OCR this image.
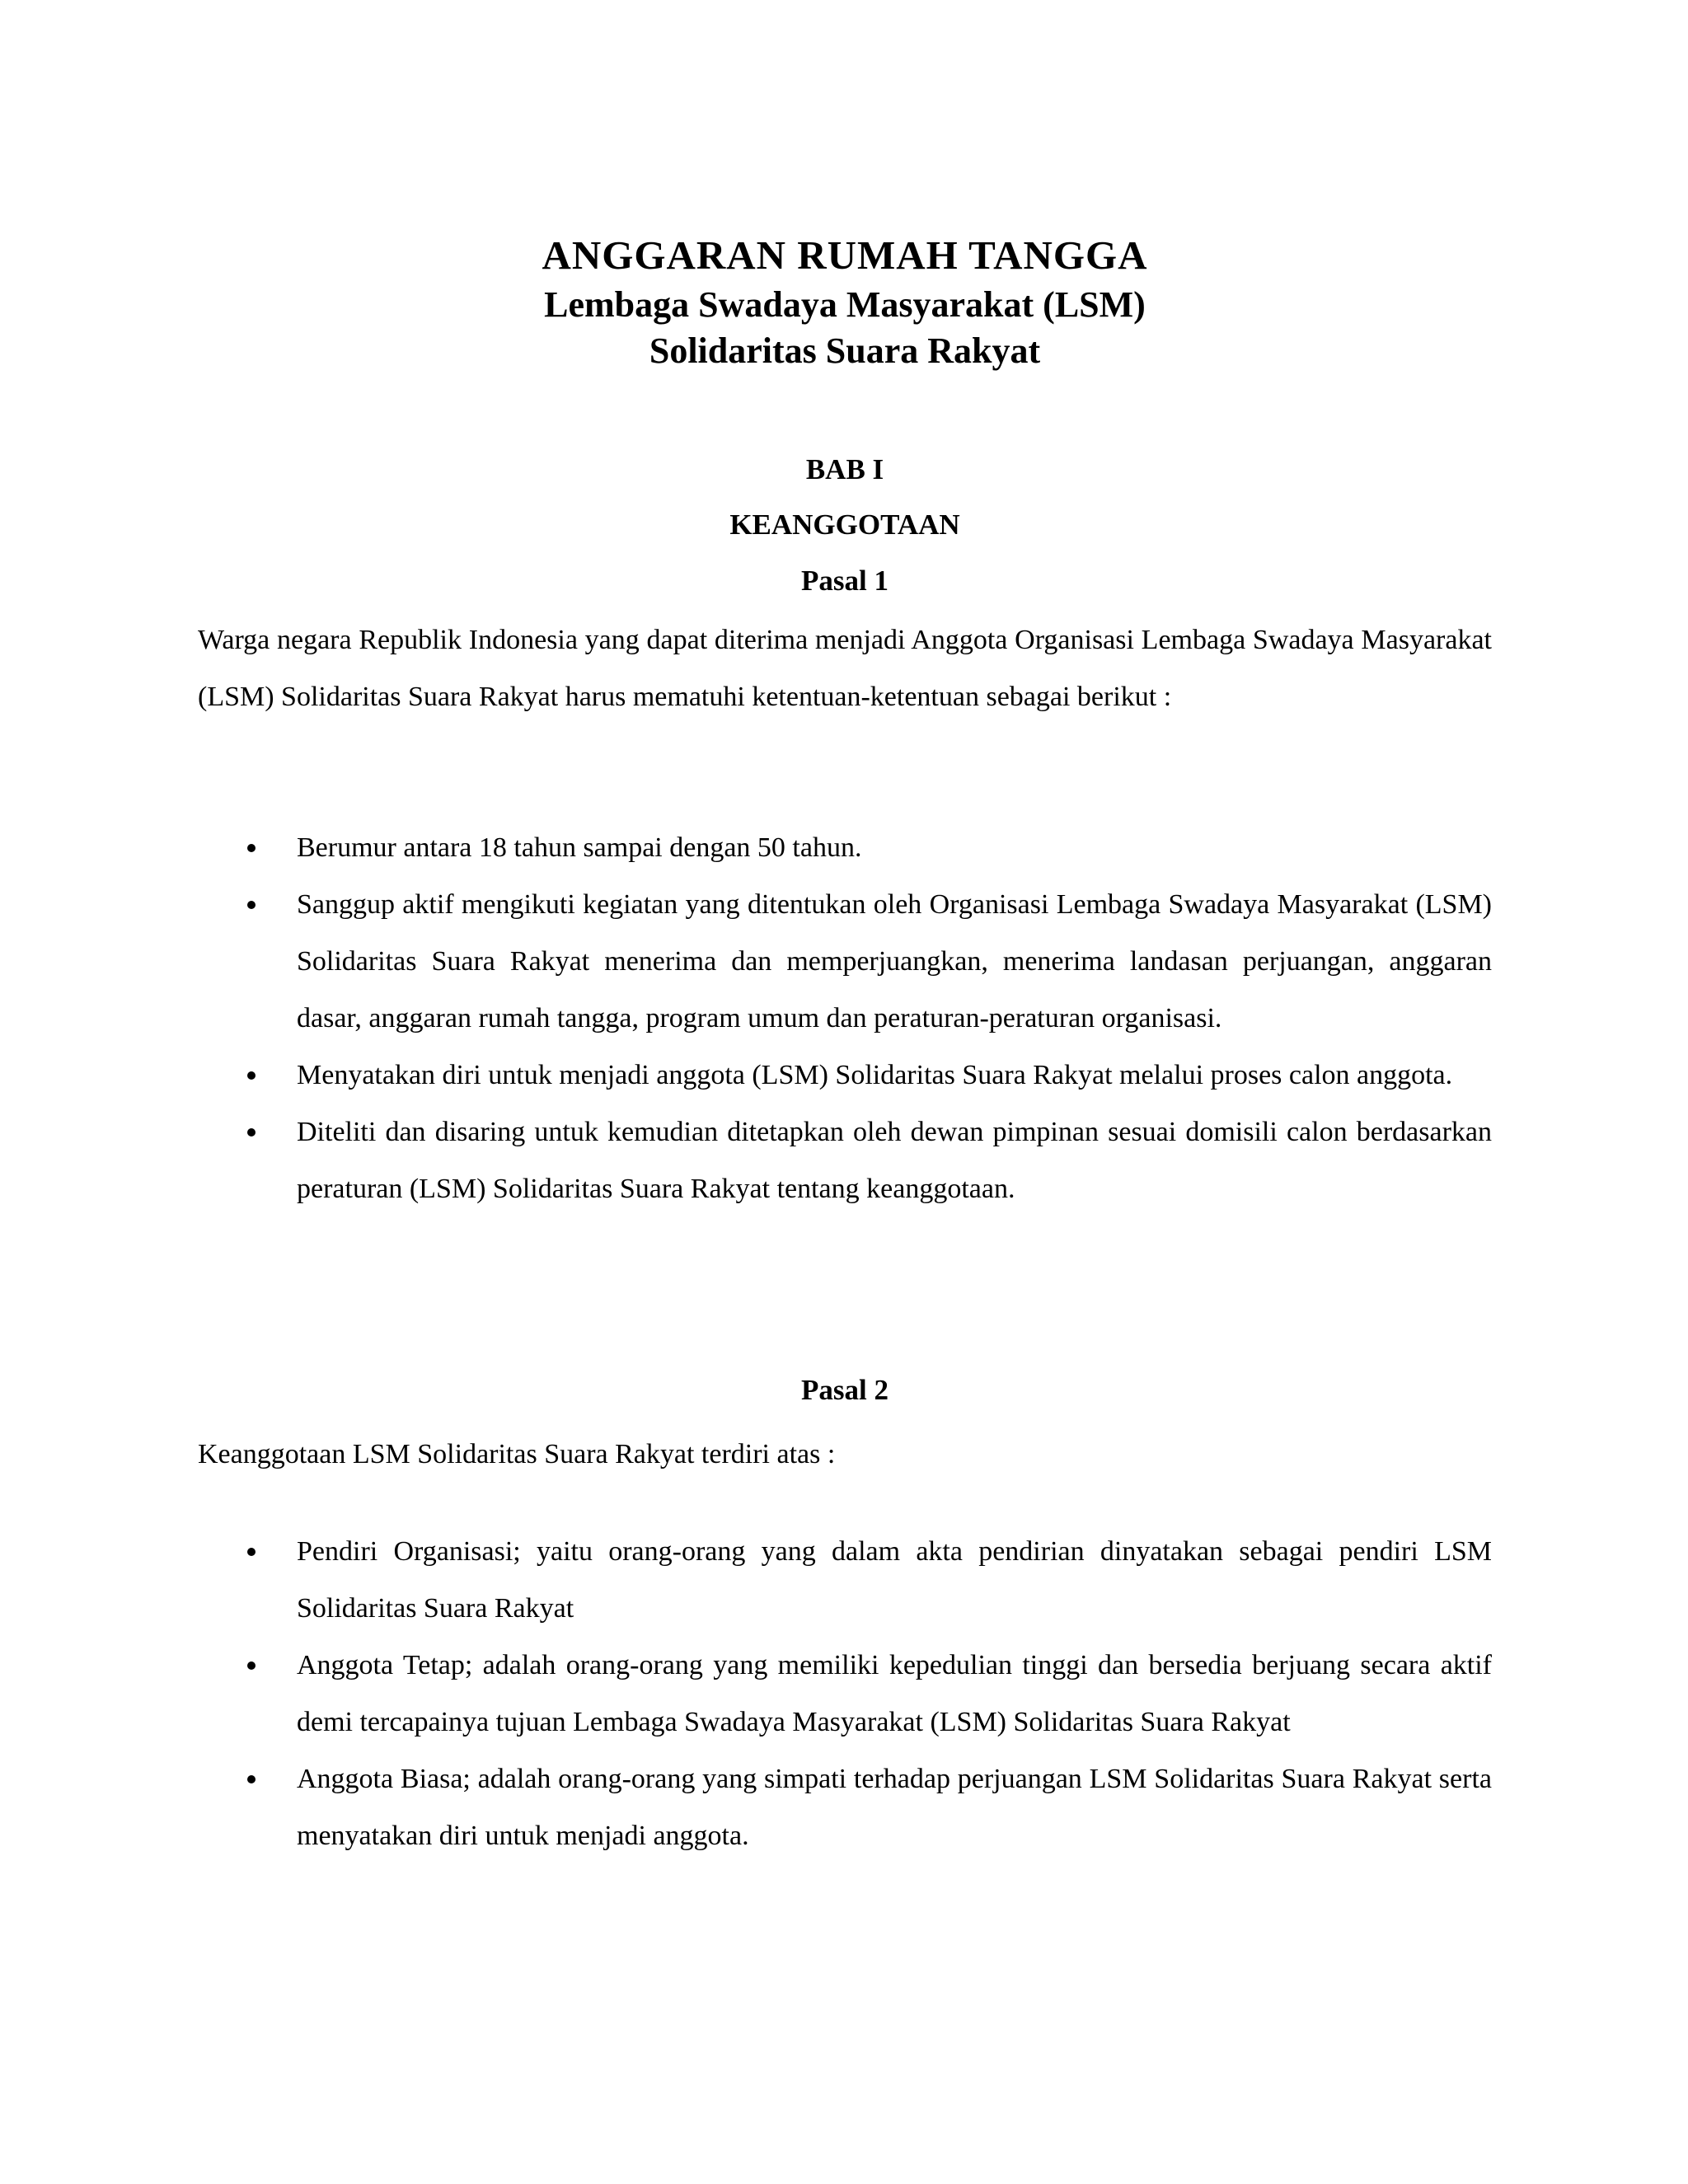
ANGGARAN RUMAH TANGGA
Lembaga Swadaya Masyarakat (LSM)
Solidaritas Suara Rakyat
BAB I
KEANGGOTAAN
Pasal 1
Warga negara Republik Indonesia yang dapat diterima menjadi Anggota Organisasi Lembaga Swadaya Masyarakat (LSM) Solidaritas Suara Rakyat harus mematuhi ketentuan-ketentuan sebagai berikut :
Berumur antara 18 tahun sampai dengan 50 tahun.
Sanggup aktif mengikuti kegiatan yang ditentukan oleh Organisasi Lembaga Swadaya Masyarakat (LSM) Solidaritas Suara Rakyat menerima dan memperjuangkan, menerima landasan perjuangan, anggaran dasar, anggaran rumah tangga, program umum dan peraturan-peraturan organisasi.
Menyatakan diri untuk menjadi anggota (LSM) Solidaritas Suara Rakyat melalui proses calon anggota.
Diteliti dan disaring untuk kemudian ditetapkan oleh dewan pimpinan sesuai domisili calon berdasarkan peraturan (LSM) Solidaritas Suara Rakyat tentang keanggotaan.
Pasal 2
Keanggotaan LSM Solidaritas Suara Rakyat terdiri atas :
Pendiri Organisasi; yaitu orang-orang yang dalam akta pendirian dinyatakan sebagai pendiri LSM Solidaritas Suara Rakyat
Anggota Tetap; adalah orang-orang yang memiliki kepedulian tinggi dan bersedia berjuang secara aktif demi tercapainya tujuan Lembaga Swadaya Masyarakat (LSM) Solidaritas Suara Rakyat
Anggota Biasa; adalah orang-orang yang simpati terhadap perjuangan LSM Solidaritas Suara Rakyat serta menyatakan diri untuk menjadi anggota.
